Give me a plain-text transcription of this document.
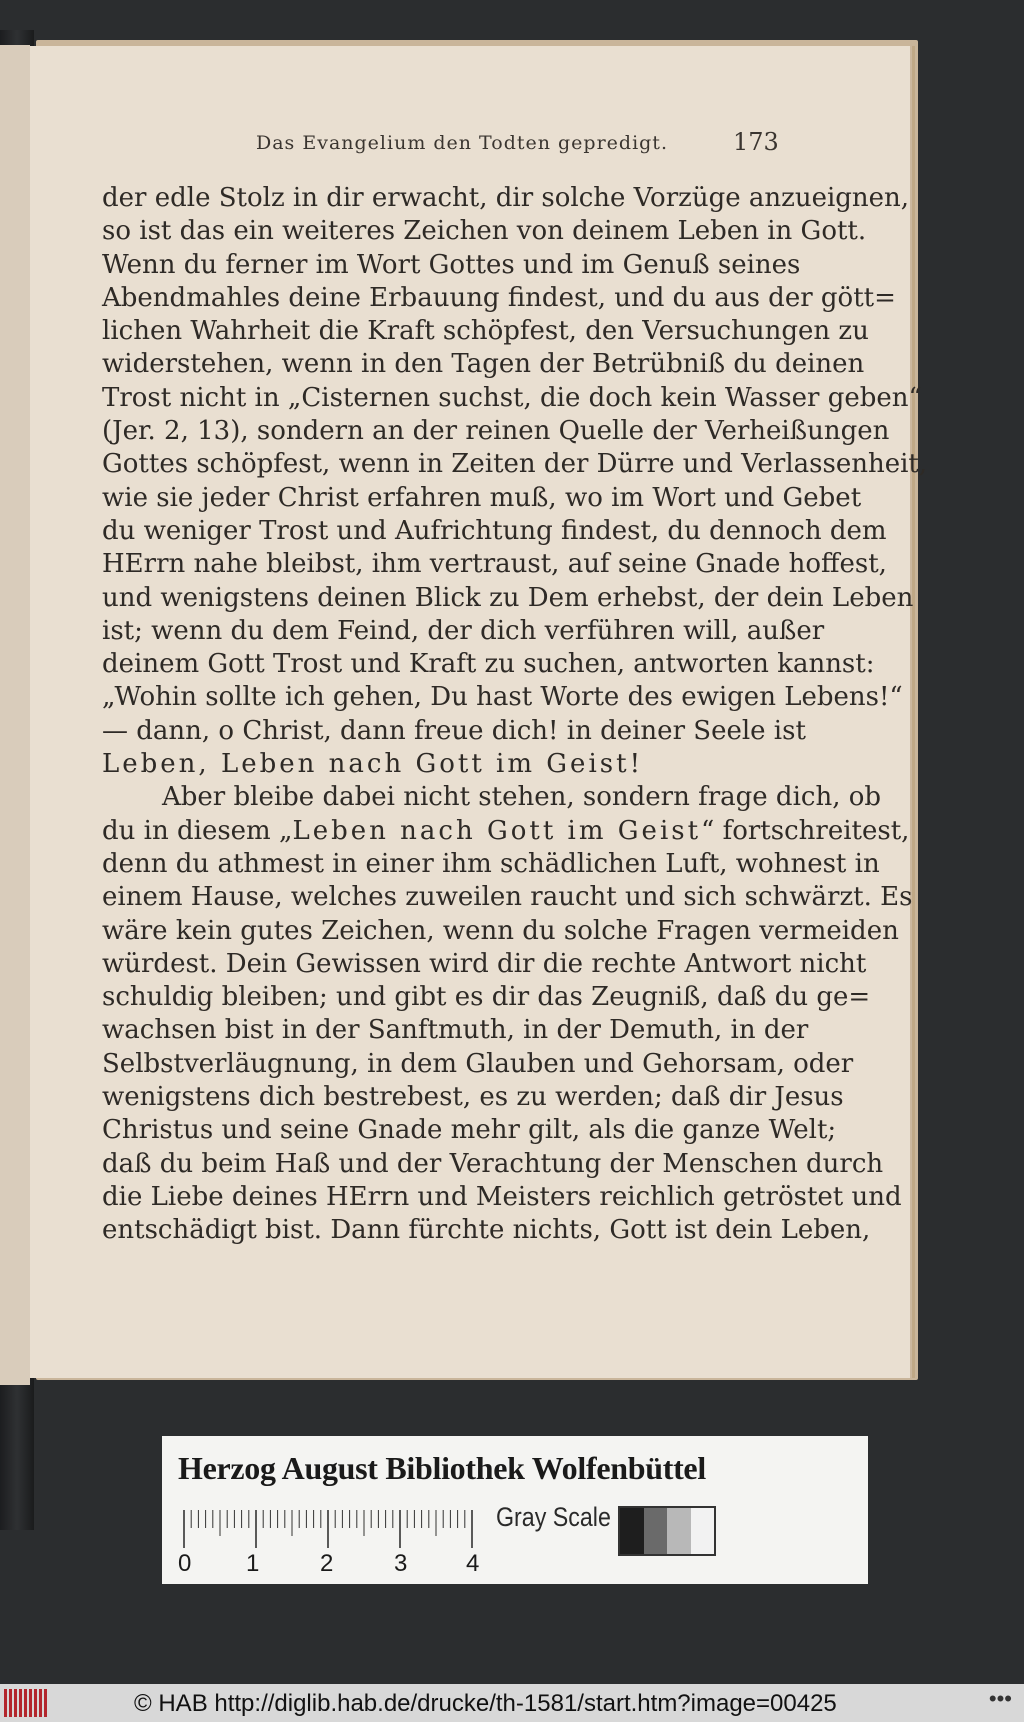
Das Evangelium den Todten gepredigt.	173
der edle Stolz in dir erwacht, dir solche Vorzüge anzueignen,
so ist das ein weiteres Zeichen von deinem Leben in Gott.
Wenn du ferner im Wort Gottes und im Genuß seines
Abendmahles deine Erbauung findest, und du aus der gött=
lichen Wahrheit die Kraft schöpfest, den Versuchungen zu
widerstehen, wenn in den Tagen der Betrübniß du deinen
Trost nicht in „Cisternen suchst, die doch kein Wasser geben“
(Jer. 2, 13), sondern an der reinen Quelle der Verheißungen
Gottes schöpfest, wenn in Zeiten der Dürre und Verlassenheit,
wie sie jeder Christ erfahren muß, wo im Wort und Gebet
du weniger Trost und Aufrichtung findest, du dennoch dem
HErrn nahe bleibst, ihm vertraust, auf seine Gnade hoffest,
und wenigstens deinen Blick zu Dem erhebst, der dein Leben
ist; wenn du dem Feind, der dich verführen will, außer
deinem Gott Trost und Kraft zu suchen, antworten kannst:
„Wohin sollte ich gehen, Du hast Worte des ewigen Lebens!“
— dann, o Christ, dann freue dich! in deiner Seele ist
Leben, Leben nach Gott im Geist!
Aber bleibe dabei nicht stehen, sondern frage dich, ob
du in diesem „Leben nach Gott im Geist“ fortschreitest,
denn du athmest in einer ihm schädlichen Luft, wohnest in
einem Hause, welches zuweilen raucht und sich schwärzt. Es
wäre kein gutes Zeichen, wenn du solche Fragen vermeiden
würdest. Dein Gewissen wird dir die rechte Antwort nicht
schuldig bleiben; und gibt es dir das Zeugniß, daß du ge=
wachsen bist in der Sanftmuth, in der Demuth, in der
Selbstverläugnung, in dem Glauben und Gehorsam, oder
wenigstens dich bestrebest, es zu werden; daß dir Jesus
Christus und seine Gnade mehr gilt, als die ganze Welt;
daß du beim Haß und der Verachtung der Menschen durch
die Liebe deines HErrn und Meisters reichlich getröstet und
entschädigt bist. Dann fürchte nichts, Gott ist dein Leben,
Herzog August Bibliothek Wolfenbüttel
0 1	2	3 4
Gray Scale
© HAB http://diglib.hab.de/drucke/th-1581/start.htm?image=00425	•••
